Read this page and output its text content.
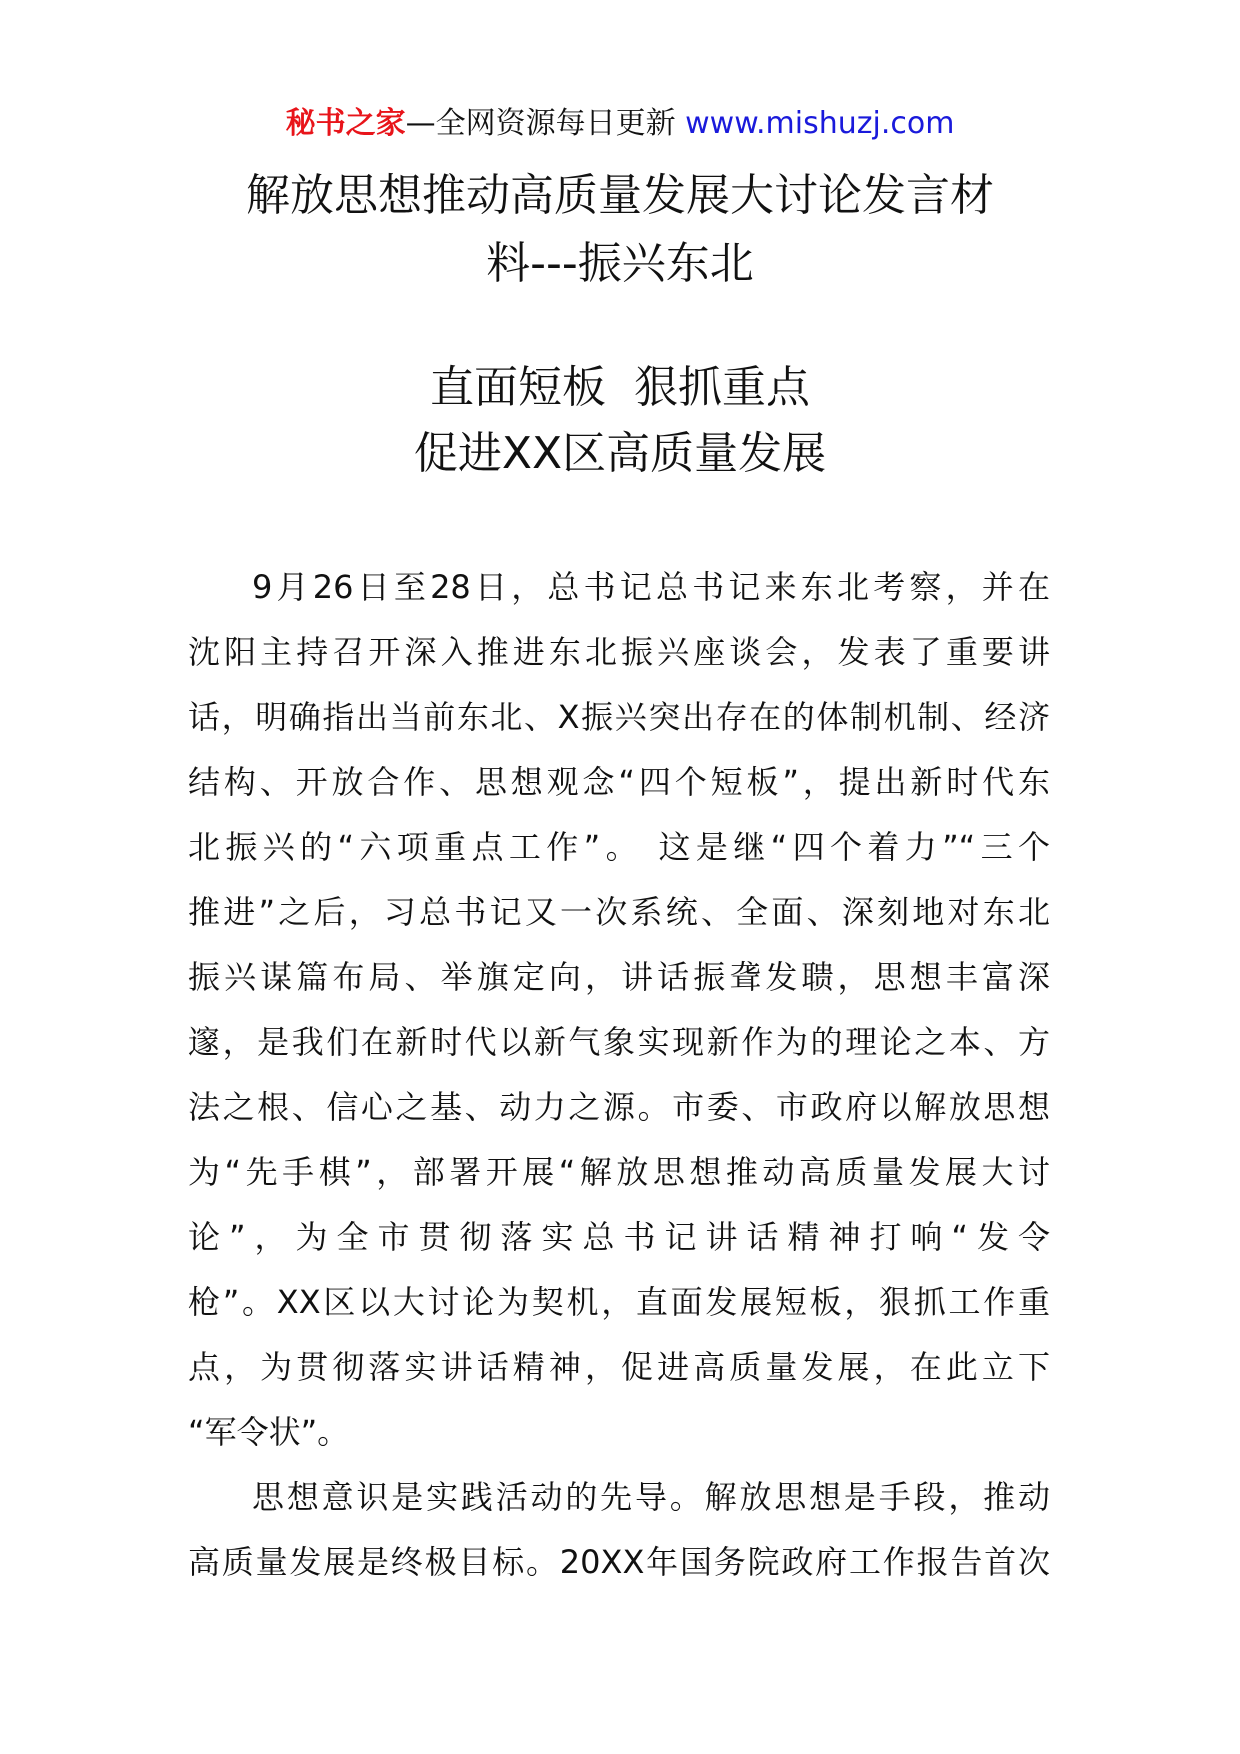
秘书之家—全网资源每日更新 www.mishuzj.com
解放思想推动高质量发展大讨论发言材
料---振兴东北
直面短板  狠抓重点
促进XX区高质量发展
9月26日至28日，总书记总书记来东北考察，并在
沈阳主持召开深入推进东北振兴座谈会，发表了重要讲
话，明确指出当前东北、X振兴突出存在的体制机制、经济
结构、开放合作、思想观念“四个短板”，提出新时代东
北振兴的“六项重点工作”。 这是继“四个着力”“三个
推进”之后，习总书记又一次系统、全面、深刻地对东北
振兴谋篇布局、举旗定向，讲话振聋发聩，思想丰富深
邃，是我们在新时代以新气象实现新作为的理论之本、方
法之根、信心之基、动力之源。市委、市政府以解放思想
为“先手棋”，部署开展“解放思想推动高质量发展大讨
论”，为全市贯彻落实总书记讲话精神打响“发令
枪”。XX区以大讨论为契机，直面发展短板，狠抓工作重
点，为贯彻落实讲话精神，促进高质量发展，在此立下
“军令状”。
思想意识是实践活动的先导。解放思想是手段，推动
高质量发展是终极目标。20XX年国务院政府工作报告首次
